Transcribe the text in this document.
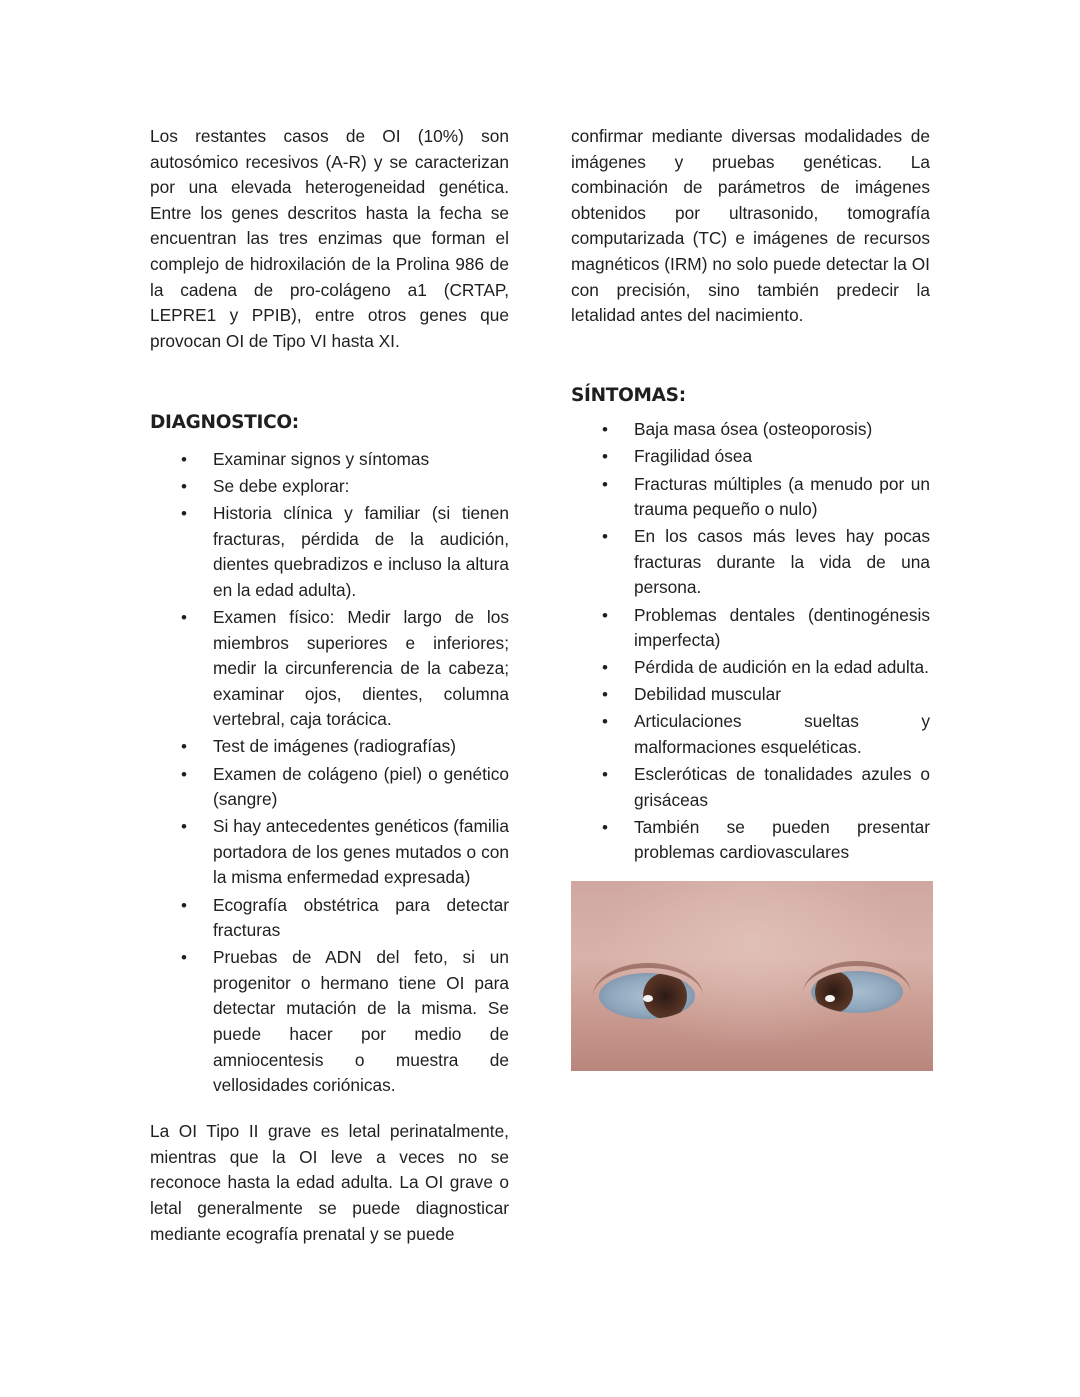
Los restantes casos de OI (10%) son autosómico recesivos (A-R) y se caracterizan por una elevada heterogeneidad genética. Entre los genes descritos hasta la fecha se encuentran las tres enzimas que forman el complejo de hidroxilación de la Prolina 986 de la cadena de pro-colágeno a1 (CRTAP, LEPRE1 y PPIB), entre otros genes que provocan OI de Tipo VI hasta XI.

DIAGNOSTICO:
• Examinar signos y síntomas
• Se debe explorar:
• Historia clínica y familiar (si tienen fracturas, pérdida de la audición, dientes quebradizos e incluso la altura en la edad adulta).
• Examen físico: Medir largo de los miembros superiores e inferiores; medir la circunferencia de la cabeza; examinar ojos, dientes, columna vertebral, caja torácica.
• Test de imágenes (radiografías)
• Examen de colágeno (piel) o genético (sangre)
• Si hay antecedentes genéticos (familia portadora de los genes mutados o con la misma enfermedad expresada)
• Ecografía obstétrica para detectar fracturas
• Pruebas de ADN del feto, si un progenitor o hermano tiene OI para detectar mutación de la misma. Se puede hacer por medio de amniocentesis o muestra de vellosidades coriónicas.

La OI Tipo II grave es letal perinatalmente, mientras que la OI leve a veces no se reconoce hasta la edad adulta. La OI grave o letal generalmente se puede diagnosticar mediante ecografía prenatal y se puede

confirmar mediante diversas modalidades de imágenes y pruebas genéticas. La combinación de parámetros de imágenes obtenidos por ultrasonido, tomografía computarizada (TC) e imágenes de recursos magnéticos (IRM) no solo puede detectar la OI con precisión, sino también predecir la letalidad antes del nacimiento.

SÍNTOMAS:
• Baja masa ósea (osteoporosis)
• Fragilidad ósea
• Fracturas múltiples (a menudo por un trauma pequeño o nulo)
• En los casos más leves hay pocas fracturas durante la vida de una persona.
• Problemas dentales (dentinogénesis imperfecta)
• Pérdida de audición en la edad adulta.
• Debilidad muscular
• Articulaciones sueltas y malformaciones esqueléticas.
• Escleróticas de tonalidades azules o grisáceas
• También se pueden presentar problemas cardiovasculares
